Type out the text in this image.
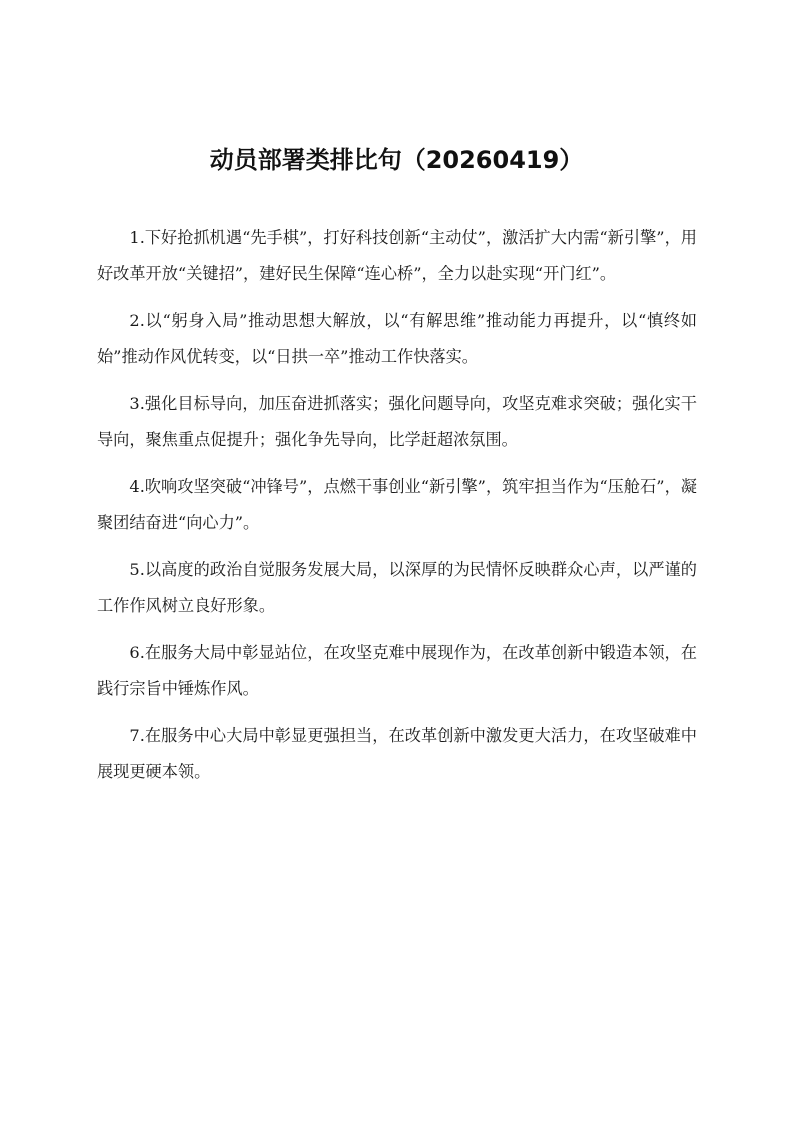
动员部署类排比句（20260419）

1.下好抢抓机遇“先手棋”，打好科技创新“主动仗”，激活扩大内需“新引擎”，用好改革开放“关键招”，建好民生保障“连心桥”，全力以赴实现“开门红”。

2.以“躬身入局”推动思想大解放，以“有解思维”推动能力再提升，以“慎终如始”推动作风优转变，以“日拱一卒”推动工作快落实。

3.强化目标导向，加压奋进抓落实；强化问题导向，攻坚克难求突破；强化实干导向，聚焦重点促提升；强化争先导向，比学赶超浓氛围。

4.吹响攻坚突破“冲锋号”，点燃干事创业“新引擎”，筑牢担当作为“压舱石”，凝聚团结奋进“向心力”。

5.以高度的政治自觉服务发展大局，以深厚的为民情怀反映群众心声，以严谨的工作作风树立良好形象。

6.在服务大局中彰显站位，在攻坚克难中展现作为，在改革创新中锻造本领，在践行宗旨中锤炼作风。

7.在服务中心大局中彰显更强担当，在改革创新中激发更大活力，在攻坚破难中展现更硬本领。
